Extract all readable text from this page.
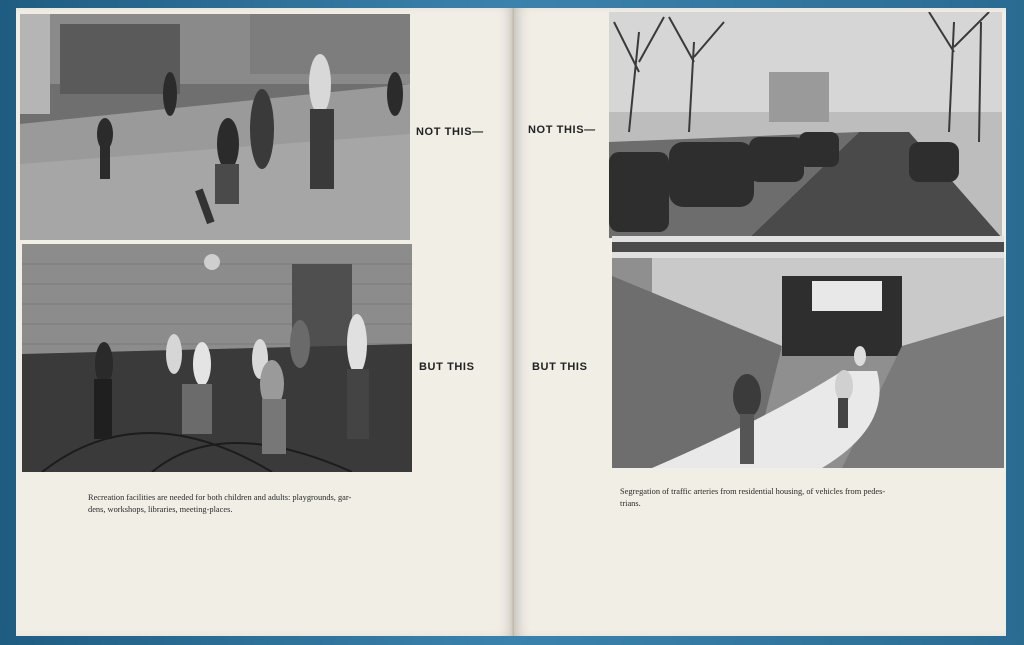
NOT THIS—
BUT THIS
Recreation facilities are needed for both children and adults: playgrounds, gar-
dens, workshops, libraries, meeting-places.
NOT THIS—
BUT THIS
Segregation of traffic arteries from residential housing, of vehicles from pedes-
trians.
